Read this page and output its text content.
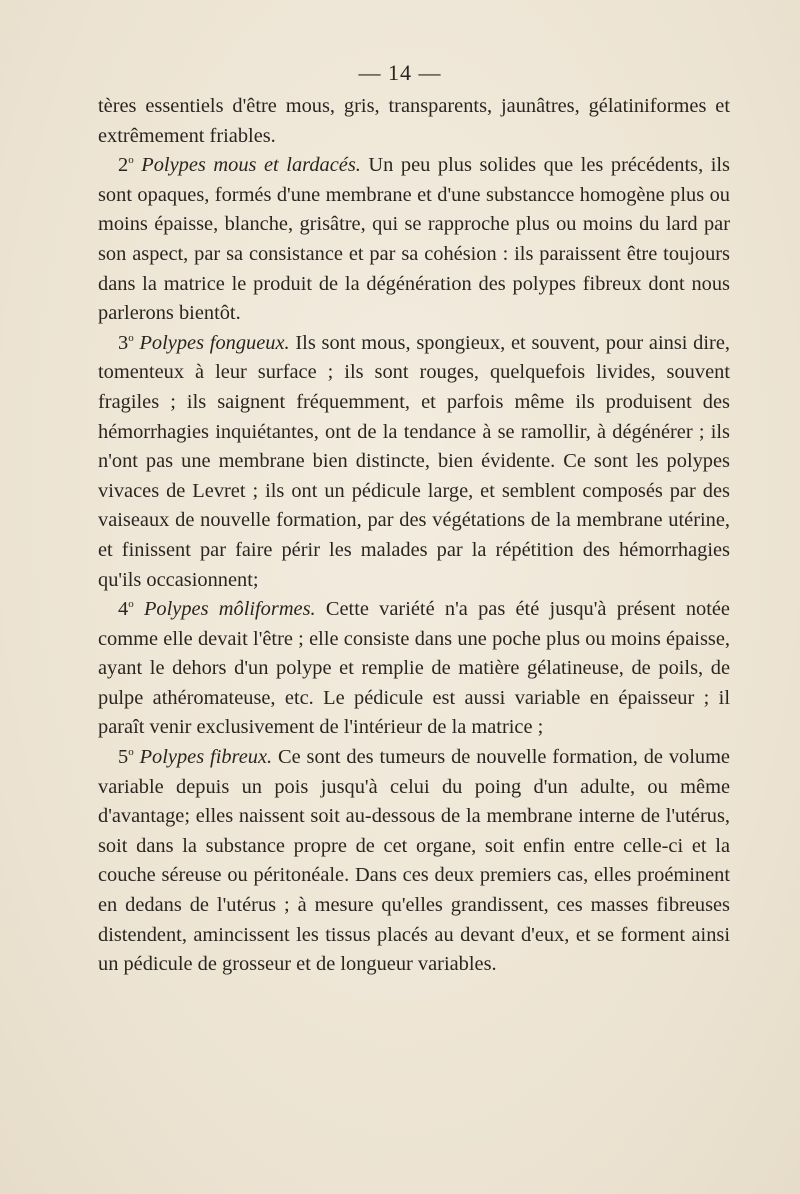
— 14 —

tères essentiels d'être mous, gris, transparents, jaunâtres, gélatiniformes et extrêmement friables.

2$^o$ Polypes mous et lardacés. Un peu plus solides que les précédents, ils sont opaques, formés d'une membrane et d'une substancce homogène plus ou moins épaisse, blanche, grisâtre, qui se rapproche plus ou moins du lard par son aspect, par sa consistance et par sa cohésion : ils paraissent être toujours dans la matrice le produit de la dégénération des polypes fibreux dont nous parlerons bientôt.

3$^o$ Polypes fongueux. Ils sont mous, spongieux, et souvent, pour ainsi dire, tomenteux à leur surface ; ils sont rouges, quelquefois livides, souvent fragiles ; ils saignent fréquemment, et parfois même ils produisent des hémorrhagies inquiétantes, ont de la tendance à se ramollir, à dégénérer ; ils n'ont pas une membrane bien distincte, bien évidente. Ce sont les polypes vivaces de Levret ; ils ont un pédicule large, et semblent composés par des vaiseaux de nouvelle formation, par des végétations de la membrane utérine, et finissent par faire périr les malades par la répétition des hémorrhagies qu'ils occasionnent;

4$^o$ Polypes môliformes. Cette variété n'a pas été jusqu'à présent notée comme elle devait l'être ; elle consiste dans une poche plus ou moins épaisse, ayant le dehors d'un polype et remplie de matière gélatineuse, de poils, de pulpe athéromateuse, etc. Le pédicule est aussi variable en épaisseur ; il paraît venir exclusivement de l'intérieur de la matrice ;

5$^o$ Polypes fibreux. Ce sont des tumeurs de nouvelle formation, de volume variable depuis un pois jusqu'à celui du poing d'un adulte, ou même d'avantage; elles naissent soit au-dessous de la membrane interne de l'utérus, soit dans la substance propre de cet organe, soit enfin entre celle-ci et la couche séreuse ou péritonéale. Dans ces deux premiers cas, elles proéminent en dedans de l'utérus ; à mesure qu'elles grandissent, ces masses fibreuses distendent, amincissent les tissus placés au devant d'eux, et se forment ainsi un pédicule de grosseur et de longueur variables.
